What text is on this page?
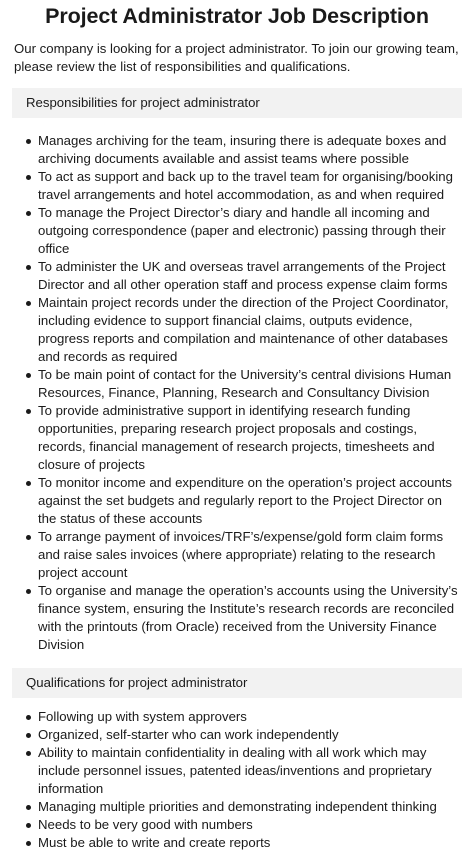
Project Administrator Job Description

Our company is looking for a project administrator. To join our growing team, please review the list of responsibilities and qualifications.

Responsibilities for project administrator
Manages archiving for the team, insuring there is adequate boxes and archiving documents available and assist teams where possible
To act as support and back up to the travel team for organising/booking travel arrangements and hotel accommodation, as and when required
To manage the Project Director’s diary and handle all incoming and outgoing correspondence (paper and electronic) passing through their office
To administer the UK and overseas travel arrangements of the Project Director and all other operation staff and process expense claim forms
Maintain project records under the direction of the Project Coordinator, including evidence to support financial claims, outputs evidence, progress reports and compilation and maintenance of other databases and records as required
To be main point of contact for the University’s central divisions Human Resources, Finance, Planning, Research and Consultancy Division
To provide administrative support in identifying research funding opportunities, preparing research project proposals and costings, records, financial management of research projects, timesheets and closure of projects
To monitor income and expenditure on the operation’s project accounts against the set budgets and regularly report to the Project Director on the status of these accounts
To arrange payment of invoices/TRF’s/expense/gold form claim forms and raise sales invoices (where appropriate) relating to the research project account
To organise and manage the operation’s accounts using the University’s finance system, ensuring the Institute’s research records are reconciled with the printouts (from Oracle) received from the University Finance Division
Qualifications for project administrator
Following up with system approvers
Organized, self-starter who can work independently
Ability to maintain confidentiality in dealing with all work which may include personnel issues, patented ideas/inventions and proprietary information
Managing multiple priorities and demonstrating independent thinking
Needs to be very good with numbers
Must be able to write and create reports
